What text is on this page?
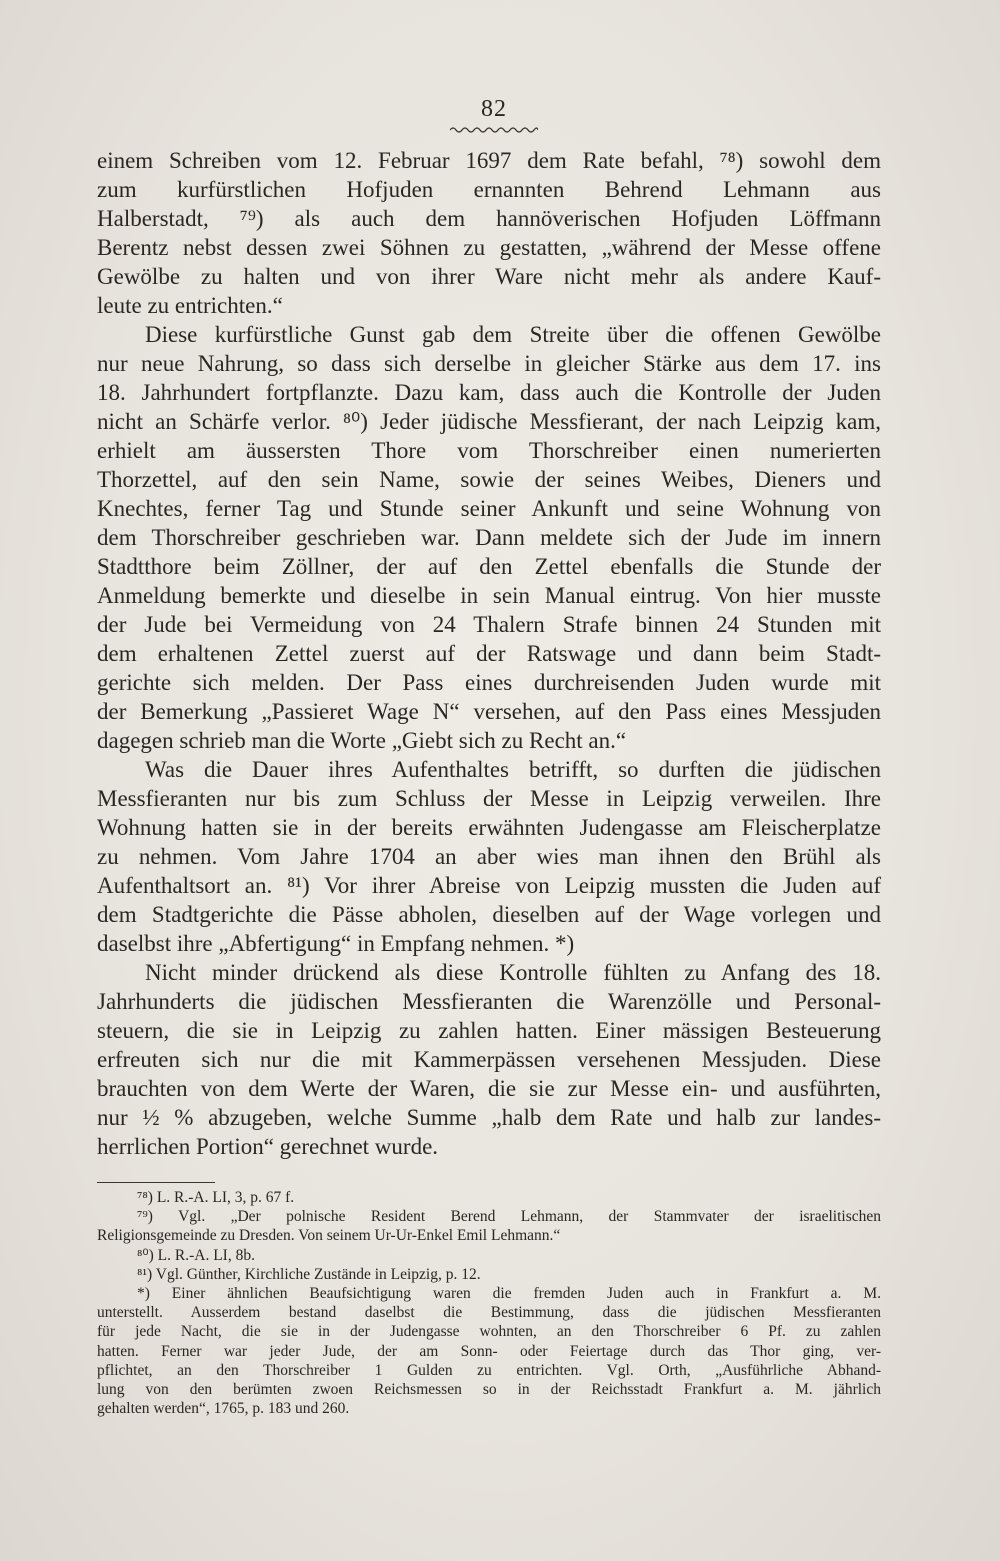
82
einem Schreiben vom 12. Februar 1697 dem Rate befahl, ⁷⁸) sowohl dem
zum kurfürstlichen Hofjuden ernannten Behrend Lehmann aus
Halberstadt, ⁷⁹) als auch dem hannöverischen Hofjuden Löffmann
Berentz nebst dessen zwei Söhnen zu gestatten, „während der Messe offene
Gewölbe zu halten und von ihrer Ware nicht mehr als andere Kauf-
leute zu entrichten.“
Diese kurfürstliche Gunst gab dem Streite über die offenen Gewölbe
nur neue Nahrung, so dass sich derselbe in gleicher Stärke aus dem 17. ins
18. Jahrhundert fortpflanzte. Dazu kam, dass auch die Kontrolle der Juden
nicht an Schärfe verlor. ⁸⁰) Jeder jüdische Messfierant, der nach Leipzig kam,
erhielt am äussersten Thore vom Thorschreiber einen numerierten
Thorzettel, auf den sein Name, sowie der seines Weibes, Dieners und
Knechtes, ferner Tag und Stunde seiner Ankunft und seine Wohnung von
dem Thorschreiber geschrieben war. Dann meldete sich der Jude im innern
Stadtthore beim Zöllner, der auf den Zettel ebenfalls die Stunde der
Anmeldung bemerkte und dieselbe in sein Manual eintrug. Von hier musste
der Jude bei Vermeidung von 24 Thalern Strafe binnen 24 Stunden mit
dem erhaltenen Zettel zuerst auf der Ratswage und dann beim Stadt-
gerichte sich melden. Der Pass eines durchreisenden Juden wurde mit
der Bemerkung „Passieret Wage N“ versehen, auf den Pass eines Messjuden
dagegen schrieb man die Worte „Giebt sich zu Recht an.“
Was die Dauer ihres Aufenthaltes betrifft, so durften die jüdischen
Messfieranten nur bis zum Schluss der Messe in Leipzig verweilen. Ihre
Wohnung hatten sie in der bereits erwähnten Judengasse am Fleischerplatze
zu nehmen. Vom Jahre 1704 an aber wies man ihnen den Brühl als
Aufenthaltsort an. ⁸¹) Vor ihrer Abreise von Leipzig mussten die Juden auf
dem Stadtgerichte die Pässe abholen, dieselben auf der Wage vorlegen und
daselbst ihre „Abfertigung“ in Empfang nehmen. *)
Nicht minder drückend als diese Kontrolle fühlten zu Anfang des 18.
Jahrhunderts die jüdischen Messfieranten die Warenzölle und Personal-
steuern, die sie in Leipzig zu zahlen hatten. Einer mässigen Besteuerung
erfreuten sich nur die mit Kammerpässen versehenen Messjuden. Diese
brauchten von dem Werte der Waren, die sie zur Messe ein- und ausführten,
nur ½ % abzugeben, welche Summe „halb dem Rate und halb zur landes-
herrlichen Portion“ gerechnet wurde.
⁷⁸) L. R.-A. LI, 3, p. 67 f.
⁷⁹) Vgl. „Der polnische Resident Berend Lehmann, der Stammvater der israelitischen
Religionsgemeinde zu Dresden. Von seinem Ur-Ur-Enkel Emil Lehmann.“
⁸⁰) L. R.-A. LI, 8b.
⁸¹) Vgl. Günther, Kirchliche Zustände in Leipzig, p. 12.
*) Einer ähnlichen Beaufsichtigung waren die fremden Juden auch in Frankfurt a. M.
unterstellt. Ausserdem bestand daselbst die Bestimmung, dass die jüdischen Messfieranten
für jede Nacht, die sie in der Judengasse wohnten, an den Thorschreiber 6 Pf. zu zahlen
hatten. Ferner war jeder Jude, der am Sonn- oder Feiertage durch das Thor ging, ver-
pflichtet, an den Thorschreiber 1 Gulden zu entrichten. Vgl. Orth, „Ausführliche Abhand-
lung von den berümten zwoen Reichsmessen so in der Reichsstadt Frankfurt a. M. jährlich
gehalten werden“, 1765, p. 183 und 260.
